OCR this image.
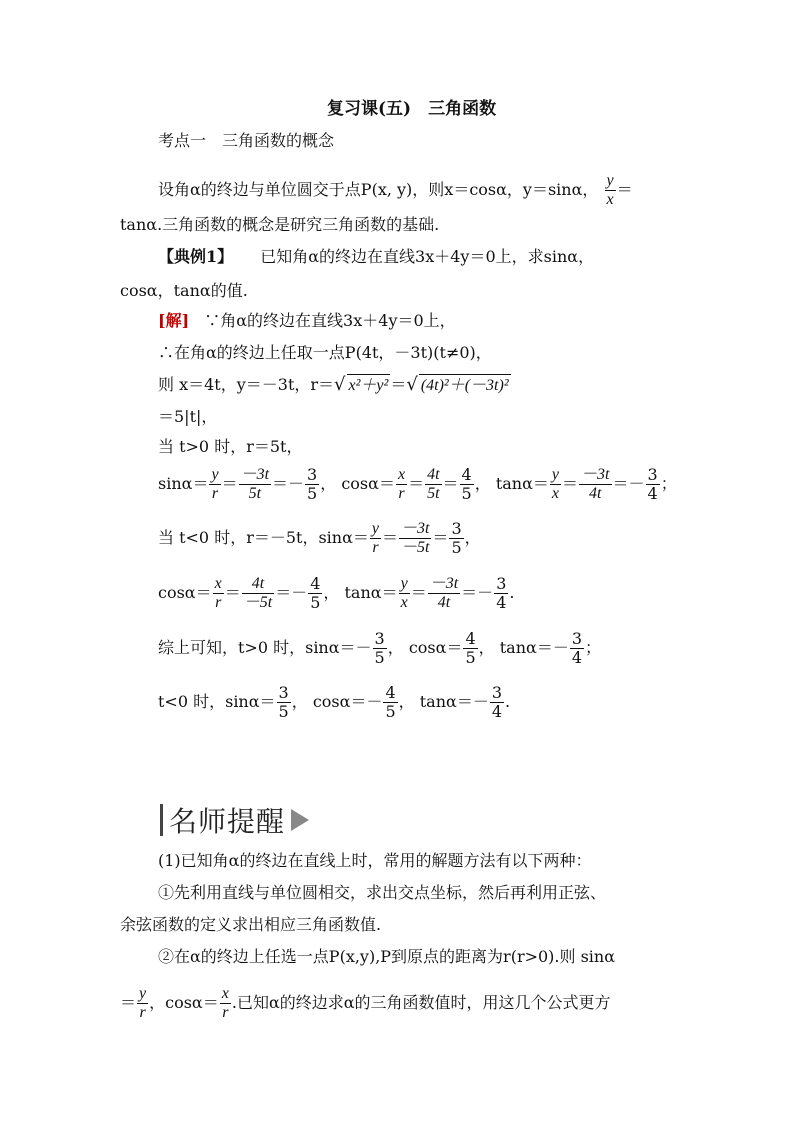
复习课(五)　三角函数
考点一　三角函数的概念
设角α的终边与单位圆交于点P(x, y)，则x＝cosα，y＝sinα， $\frac{y}{x}$ ＝
tanα.三角函数的概念是研究三角函数的基础.
【典例1】 已知角α的终边在直线3x＋4y＝0上，求sinα，
cosα，tanα的值.
[解] ∵角α的终边在直线3x＋4y＝0上，
∴在角α的终边上任取一点P(4t，－3t)(t≠0)，
则 x＝4t，y＝－3t，r＝√ x²＋y² ＝√ (4t)²＋(－3t)²
＝5|t|，
当 t>0 时，r＝5t，
$\sin\alpha= \frac{y}{r} = \frac{-3t}{5t} =- \frac{3}{5}$ ， $\cos\alpha= \frac{x}{r} = \frac{4t}{5t} = \frac{4}{5}$ ， $\tan\alpha= \frac{y}{x} = \frac{-3t}{4t} =- \frac{3}{4}$ ；
当 t<0 时，r＝－5t，$\sin\alpha= \frac{y}{r} = \frac{-3t}{-5t} = \frac{3}{5}$ ，
$\cos\alpha= \frac{x}{r} = \frac{4t}{-5t} =- \frac{4}{5}$ ， $\tan\alpha= \frac{y}{x} = \frac{-3t}{4t} =- \frac{3}{4}$ .
综上可知，t>0 时，$\sin\alpha=- \frac{3}{5}$ ， $\cos\alpha= \frac{4}{5}$ ， $\tan\alpha=- \frac{3}{4}$ ；
t<0 时，$\sin\alpha= \frac{3}{5}$ ， $\cos\alpha=- \frac{4}{5}$ ， $\tan\alpha=- \frac{3}{4}$ .
名师提醒
(1)已知角α的终边在直线上时，常用的解题方法有以下两种：
①先利用直线与单位圆相交，求出交点坐标，然后再利用正弦、
余弦函数的定义求出相应三角函数值.
②在α的终边上任选一点P(x,y),P到原点的距离为r(r>0).则 sinα
＝ $\frac{y}{r}$ ，$\cos\alpha= \frac{x}{r}$ .已知α的终边求α的三角函数值时，用这几个公式更方
